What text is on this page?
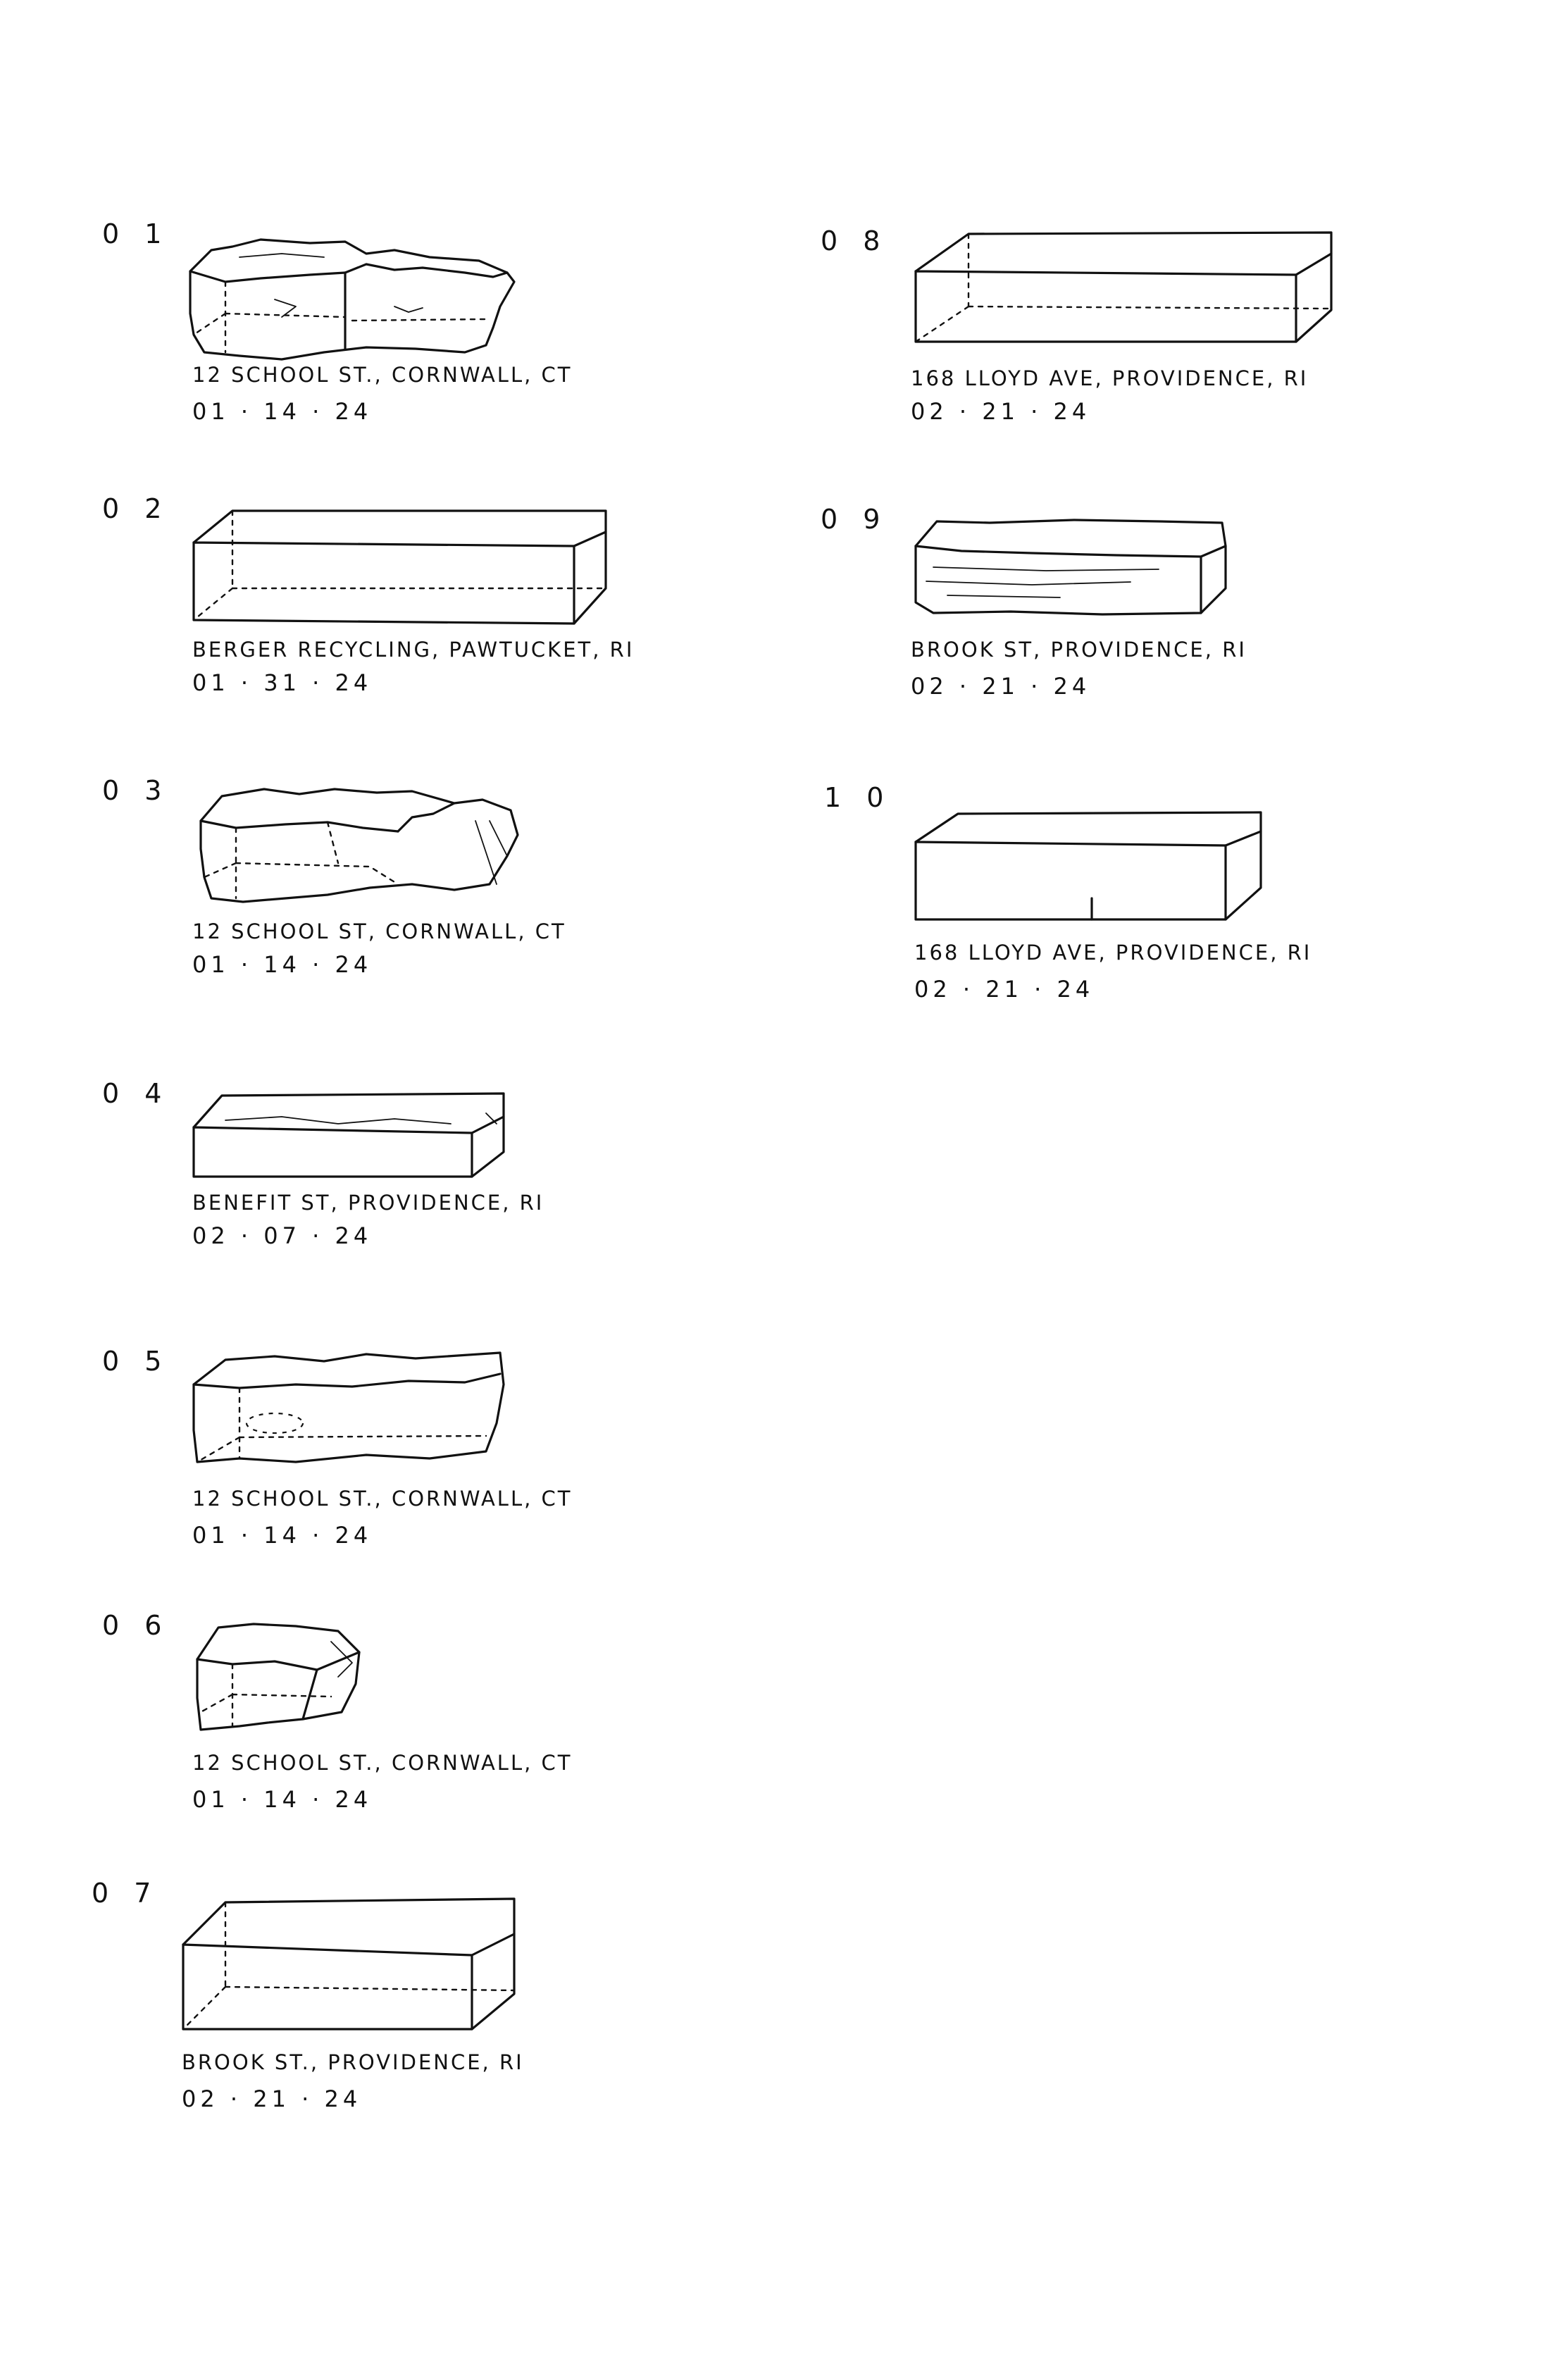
0 1
12 SCHOOL ST., CORNWALL, CT
01 · 14 · 24
0 2
BERGER RECYCLING, PAWTUCKET, RI
01 · 31 · 24
0 3
12 SCHOOL ST, CORNWALL, CT
01 · 14 · 24
0 4
BENEFIT ST, PROVIDENCE, RI
02 · 07 · 24
0 5
12 SCHOOL ST., CORNWALL, CT
01 · 14 · 24
0 6
12 SCHOOL ST., CORNWALL, CT
01 · 14 · 24
0 7
BROOK ST., PROVIDENCE, RI
02 · 21 · 24
0 8
168 LLOYD AVE, PROVIDENCE, RI
02 · 21 · 24
0 9
BROOK ST, PROVIDENCE, RI
02 · 21 · 24
1 0
168 LLOYD AVE, PROVIDENCE, RI
02 · 21 · 24
